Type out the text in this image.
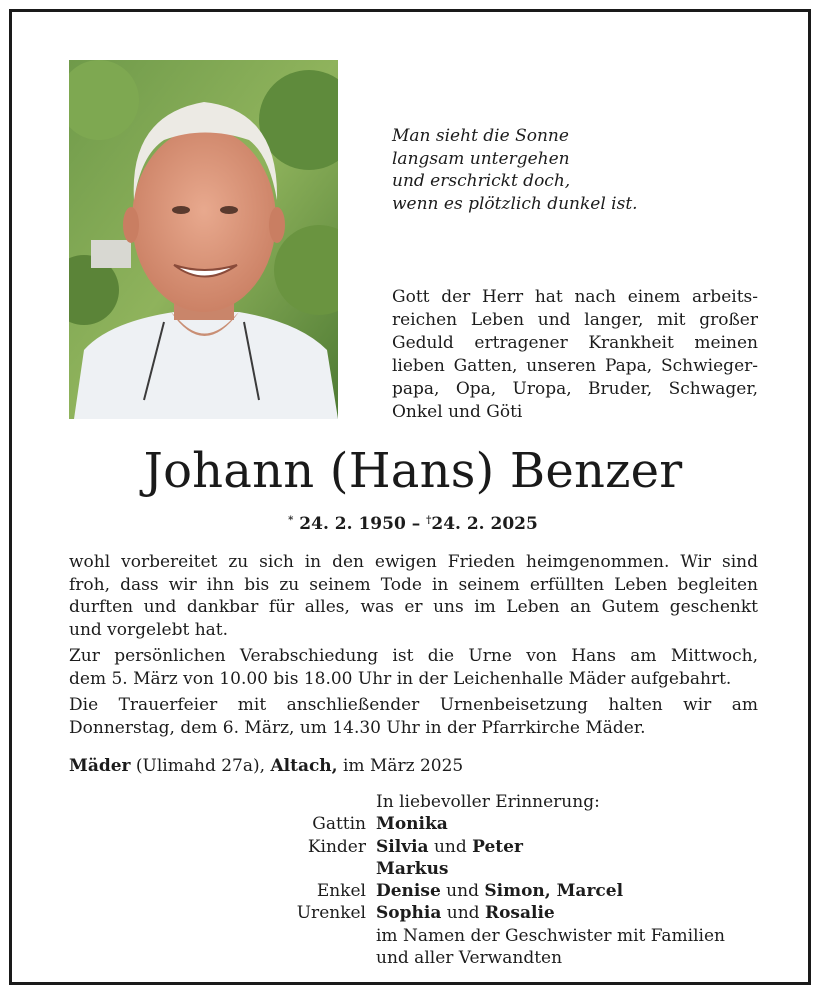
Man sieht die Sonne
langsam untergehen
und erschrickt doch,
wenn es plötzlich dunkel ist.
Gott der Herr hat nach einem arbeits-
reichen Leben und langer, mit großer
Geduld ertragener Krankheit meinen
lieben Gatten, unseren Papa, Schwieger-
papa, Opa, Uropa, Bruder, Schwager,
Onkel und Göti
Johann (Hans) Benzer
* 24. 2. 1950 – †24. 2. 2025
wohl vorbereitet zu sich in den ewigen Frieden heimgenommen. Wir sind
froh, dass wir ihn bis zu seinem Tode in seinem erfüllten Leben begleiten
durften und dankbar für alles, was er uns im Leben an Gutem geschenkt
und vorgelebt hat.
Zur persönlichen Verabschiedung ist die Urne von Hans am Mittwoch,
dem 5. März von 10.00 bis 18.00 Uhr in der Leichenhalle Mäder aufgebahrt.
Die Trauerfeier mit anschließender Urnenbeisetzung halten wir am
Donnerstag, dem 6. März, um 14.30 Uhr in der Pfarrkirche Mäder.
Mäder (Ulimahd 27a), Altach, im März 2025
In liebevoller Erinnerung:
Gattin Monika
Kinder Silvia und Peter
Markus
Enkel Denise und Simon, Marcel
Urenkel Sophia und Rosalie
im Namen der Geschwister mit Familien
und aller Verwandten
